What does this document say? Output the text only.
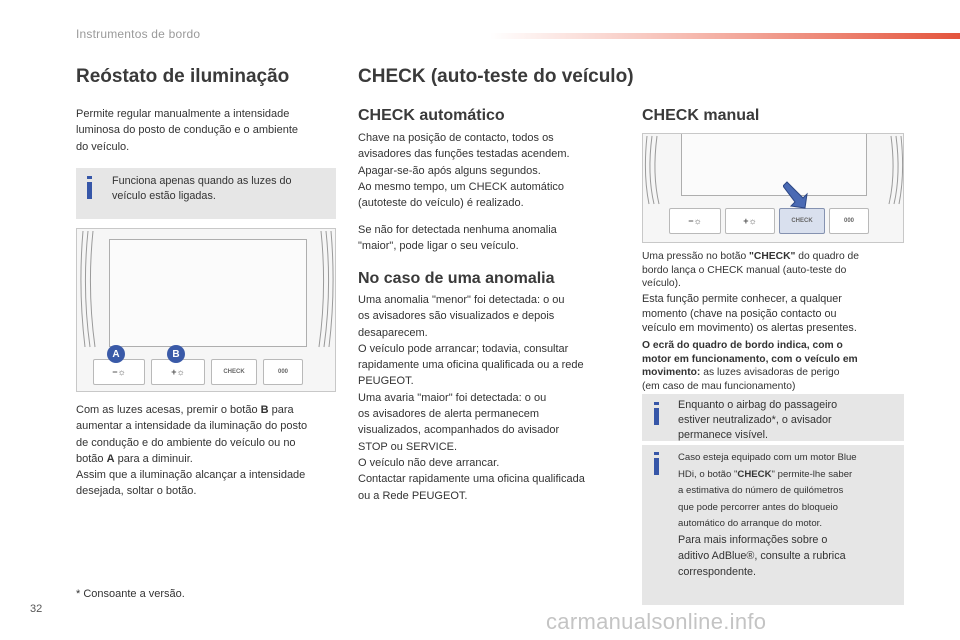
Instrumentos de bordo
Reóstato de iluminação
Permite regular manualmente a intensidade
luminosa do posto de condução e o ambiente
do veículo.
Funciona apenas quando as luzes do
veículo estão ligadas.
−☼	+☼	CHECK	000
A	B
Com as luzes acesas, premir o botão B para
aumentar a intensidade da iluminação do posto
de condução e do ambiente do veículo ou no
botão A para a diminuir.
Assim que a iluminação alcançar a intensidade
desejada, soltar o botão.
* Consoante a versão.
CHECK (auto-teste do veículo)
CHECK automático
Chave na posição de contacto, todos os
avisadores das funções testadas acendem.
Apagar-se-ão após alguns segundos.
Ao mesmo tempo, um CHECK automático
(autoteste do veículo) é realizado.
Se não for detectada nenhuma anomalia
"maior", pode ligar o seu veículo.
No caso de uma anomalia
Uma anomalia "menor" foi detectada: o ou
os avisadores são visualizados e depois
desaparecem.
O veículo pode arrancar; todavia, consultar
rapidamente uma oficina qualificada ou a rede
PEUGEOT.
Uma avaria "maior" foi detectada: o ou
os avisadores de alerta permanecem
visualizados, acompanhados do avisador
STOP ou SERVICE.
O veículo não deve arrancar.
Contactar rapidamente uma oficina qualificada
ou a Rede PEUGEOT.
CHECK manual
−☼	+☼	CHECK	000
Uma pressão no botão "CHECK" do quadro de
bordo lança o CHECK manual (auto-teste do
veículo).
Esta função permite conhecer, a qualquer
momento (chave na posição contacto ou
veículo em movimento) os alertas presentes.
O ecrã do quadro de bordo indica, com o
motor em funcionamento, com o veículo em
movimento: as luzes avisadoras de perigo
(em caso de mau funcionamento)
Enquanto o airbag do passageiro
estiver neutralizado*, o avisador
permanece visível.
Caso esteja equipado com um motor Blue
HDi, o botão "CHECK" permite-lhe saber
a estimativa do número de quilómetros
que pode percorrer antes do bloqueio
automático do arranque do motor.
Para mais informações sobre o
aditivo AdBlue®, consulte a rubrica
correspondente.
32	carmanualsonline.info
